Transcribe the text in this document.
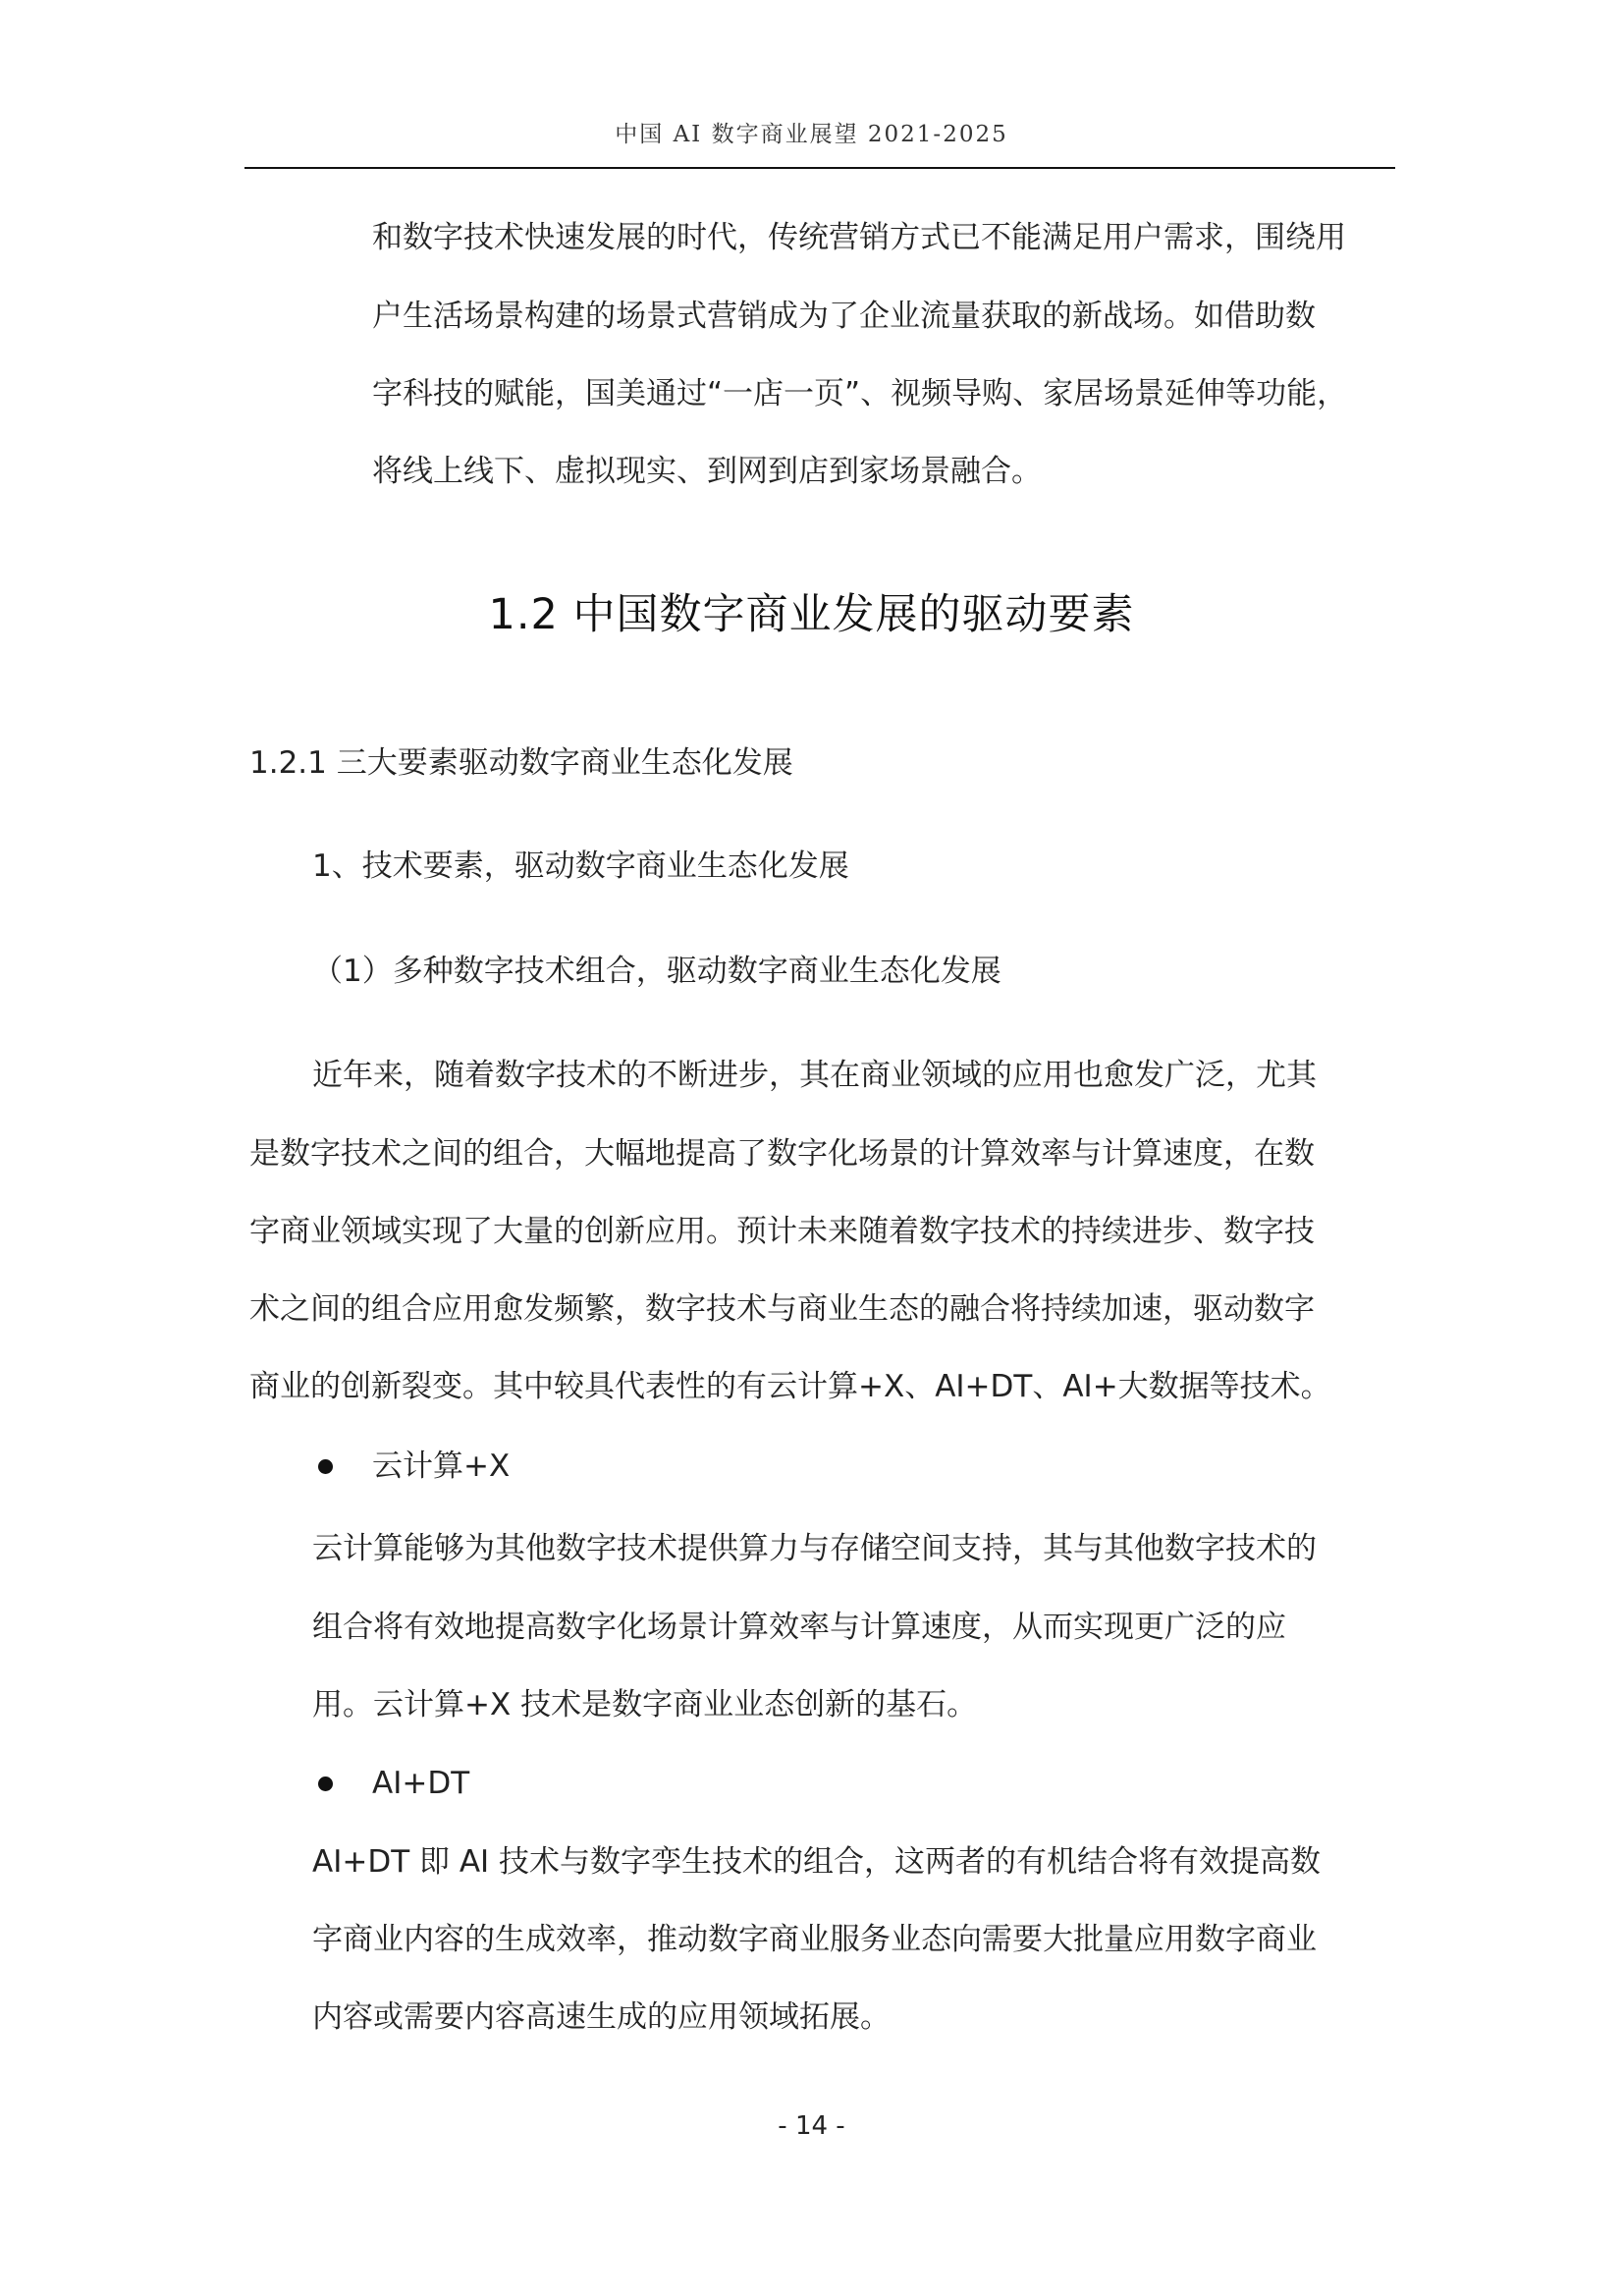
中国 AI 数字商业展望 2021-2025
和数字技术快速发展的时代，传统营销方式已不能满足用户需求，围绕用
户生活场景构建的场景式营销成为了企业流量获取的新战场。如借助数
字科技的赋能，国美通过“一店一页”、视频导购、家居场景延伸等功能，
将线上线下、虚拟现实、到网到店到家场景融合。
1.2 中国数字商业发展的驱动要素
1.2.1 三大要素驱动数字商业生态化发展
1、技术要素，驱动数字商业生态化发展
（1）多种数字技术组合，驱动数字商业生态化发展
近年来，随着数字技术的不断进步，其在商业领域的应用也愈发广泛，尤其
是数字技术之间的组合，大幅地提高了数字化场景的计算效率与计算速度，在数
字商业领域实现了大量的创新应用。预计未来随着数字技术的持续进步、数字技
术之间的组合应用愈发频繁，数字技术与商业生态的融合将持续加速，驱动数字
商业的创新裂变。其中较具代表性的有云计算+X、AI+DT、AI+大数据等技术。
云计算+X
云计算能够为其他数字技术提供算力与存储空间支持，其与其他数字技术的
组合将有效地提高数字化场景计算效率与计算速度，从而实现更广泛的应
用。云计算+X 技术是数字商业业态创新的基石。
AI+DT
AI+DT 即 AI 技术与数字孪生技术的组合，这两者的有机结合将有效提高数
字商业内容的生成效率，推动数字商业服务业态向需要大批量应用数字商业
内容或需要内容高速生成的应用领域拓展。
- 14 -
